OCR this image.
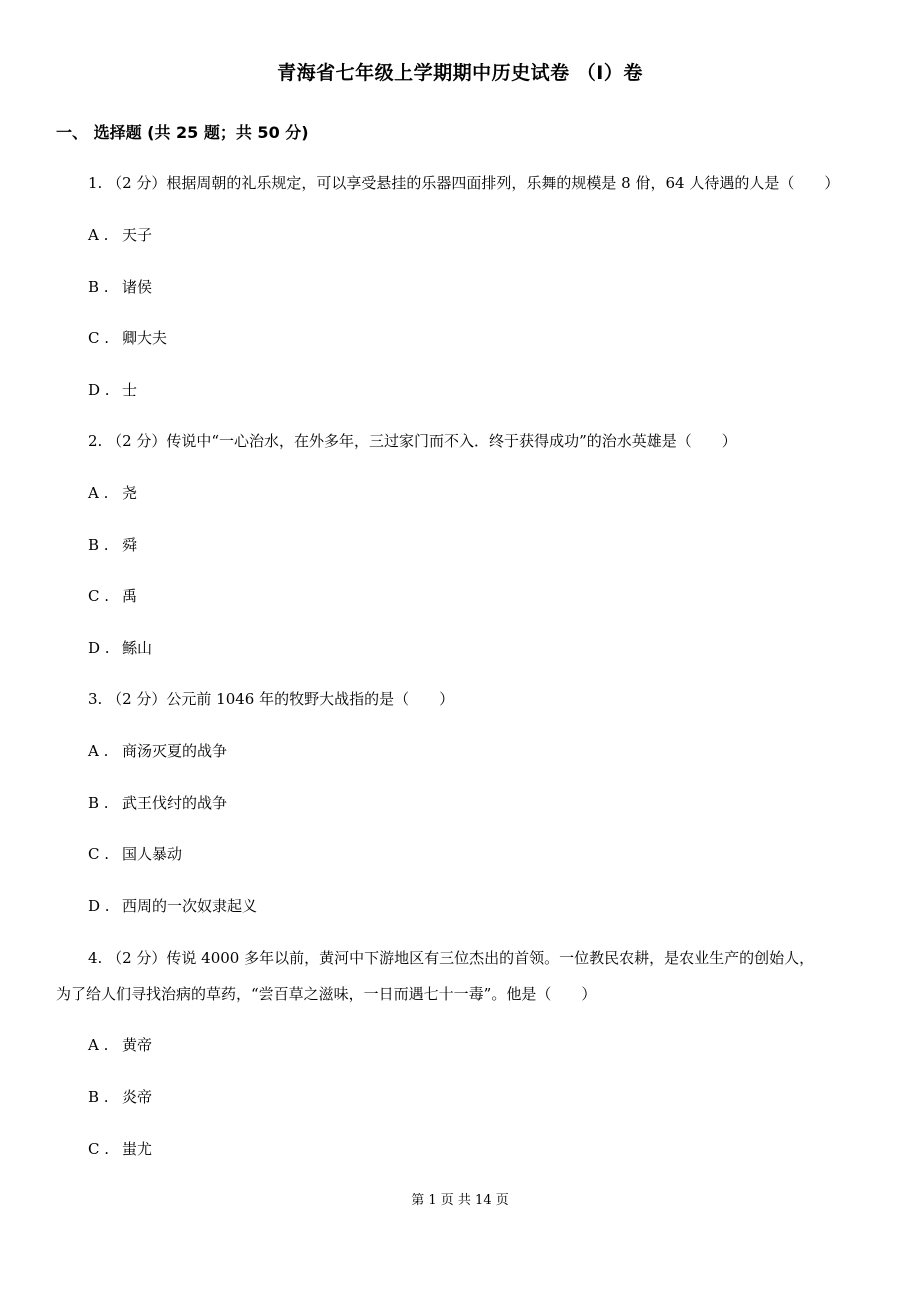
青海省七年级上学期期中历史试卷 （I）卷
一、 选择题 (共 25 题；共 50 分)
1. （2 分）根据周朝的礼乐规定，可以享受悬挂的乐器四面排列，乐舞的规模是 8 佾，64 人待遇的人是（　　）
A . 天子
B . 诸侯
C . 卿大夫
D . 士
2. （2 分）传说中“一心治水，在外多年，三过家门而不入．终于获得成功”的治水英雄是（　　）
A . 尧
B . 舜
C . 禹
D . 鲧山
3. （2 分）公元前 1046 年的牧野大战指的是（　　）
A . 商汤灭夏的战争
B . 武王伐纣的战争
C . 国人暴动
D . 西周的一次奴隶起义
4. （2 分）传说 4000 多年以前，黄河中下游地区有三位杰出的首领。一位教民农耕，是农业生产的创始人，
为了给人们寻找治病的草药，“尝百草之滋味，一日而遇七十一毒”。他是（　　）
A . 黄帝
B . 炎帝
C . 蚩尤
第 1 页 共 14 页
